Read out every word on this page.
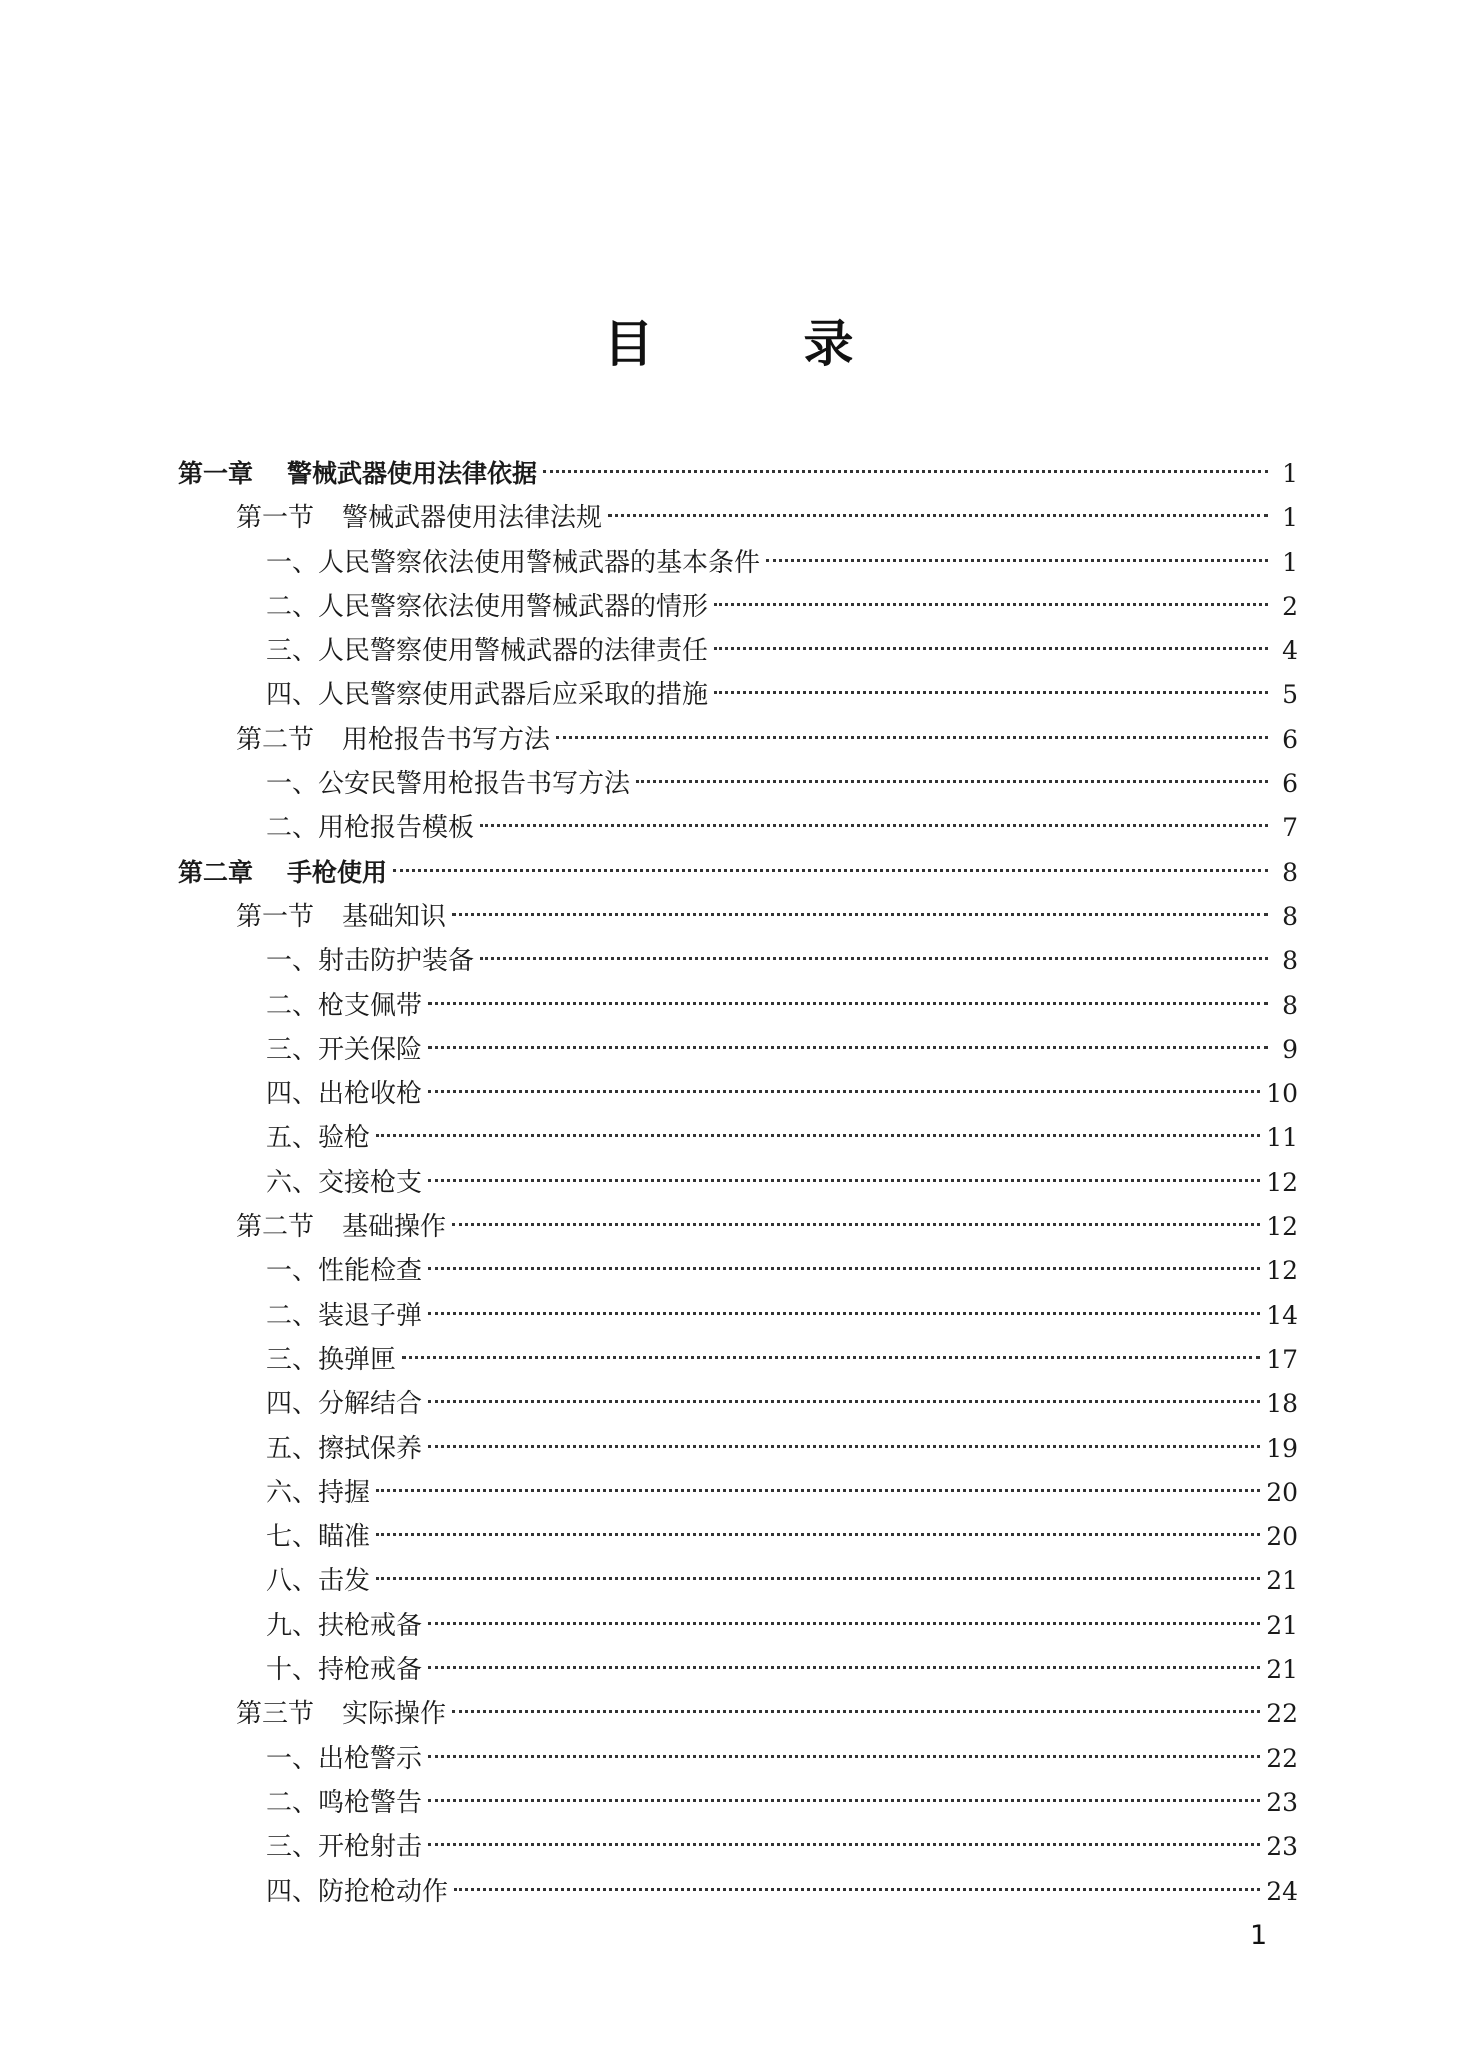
目	录
第一章 警械武器使用法律依据	1
第一节 警械武器使用法律法规	1
一、人民警察依法使用警械武器的基本条件	1
二、人民警察依法使用警械武器的情形	2
三、人民警察使用警械武器的法律责任	4
四、人民警察使用武器后应采取的措施	5
第二节 用枪报告书写方法	6
一、公安民警用枪报告书写方法	6
二、用枪报告模板	7
第二章 手枪使用	8
第一节 基础知识	8
一、射击防护装备	8
二、枪支佩带	8
三、开关保险	9
四、出枪收枪	10
五、验枪	11
六、交接枪支	12
第二节 基础操作	12
一、性能检查	12
二、装退子弹	14
三、换弹匣	17
四、分解结合	18
五、擦拭保养	19
六、持握	20
七、瞄准	20
八、击发	21
九、扶枪戒备	21
十、持枪戒备	21
第三节 实际操作	22
一、出枪警示	22
二、鸣枪警告	23
三、开枪射击	23
四、防抢枪动作	24
1
